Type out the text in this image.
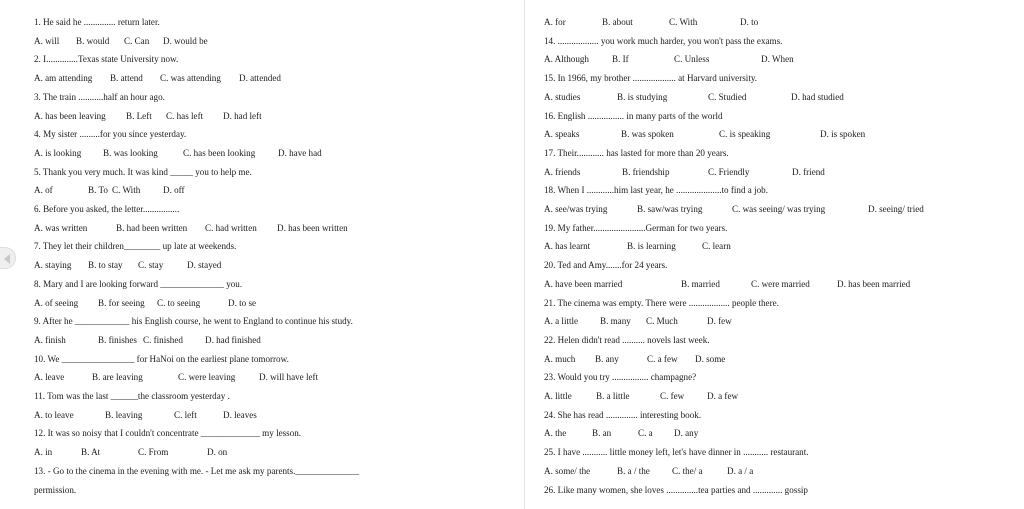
1. He said he .............. return later.
A. will B. would C. Can D. would be
2. I..............Texas state University now.
A. am attending B. attend C. was attending D. attended
3. The train ...........half an hour ago.
A. has been leaving B. Left C. has left D. had left
4. My sister .........for you since yesterday.
A. is looking B. was looking	C. has been looking	D. have had
5. Thank you very much. It was kind _____ you to help me.
A. of	B. To C. With D. off
6. Before you asked, the letter................
A. was written	B. had been written C. had written D. has been written
7. They let their children________ up late at weekends.
A. staying B. to stay C. stay	D. stayed
8. Mary and I are looking forward ______________ you.
A. of seeing B. for seeing C. to seeing	D. to se
9. After he ____________ his English course, he went to England to continue his study.
A. finish	B. finishes C. finished D. had finished
10. We ________________ for HaNoi on the earliest plane tomorrow.
A. leave	B. are leaving	C. were leaving	D. will have left
11. Tom was the last ______the classroom yesterday .
A. to leave	B. leaving	C. left	D. leaves
12. It was so noisy that I couldn't concentrate _____________ my lesson.
A. in	B. At	C. From	D. on
13. - Go to the cinema in the evening with me. - Let me ask my parents.______________
permission.
A. for	B. about	C. With	D. to
14. .................. you work much harder, you won't pass the exams.
A. Although	B. If	C. Unless	D. When
15. In 1966, my brother ................... at Harvard university.
A. studies	B. is studying	C. Studied	D. had studied
16. English ................ in many parts of the world
A. speaks	B. was spoken	C. is speaking	D. is spoken
17. Their............ has lasted for more than 20 years.
A. friends	B. friendship	C. Friendly	D. friend
18. When I ............him last year, he ....................to find a job.
A. see/was trying	B. saw/was trying	C. was seeing/ was trying	D. seeing/ tried
19. My father.......................German for two years.
A. has learnt	B. is learning	C. learn
20. Ted and Amy.......for 24 years.
A. have been married	B. married	C. were married	D. has been married
21. The cinema was empty. There were .................. people there.
A. a little B. many C. Much	D. few
22. Helen didn't read .......... novels last week.
A. much B. any	C. a few D. some
23. Would you try ................ champagne?
A. little	B. a little	C. few	D. a few
24. She has read .............. interesting book.
A. the	B. an	C. a D. any
25. I have ........... little money left, let's have dinner in ........... restaurant.
A. some/ the	B. a / the C. the/ a	D. a / a
26. Like many women, she loves ..............tea parties and ............. gossip
